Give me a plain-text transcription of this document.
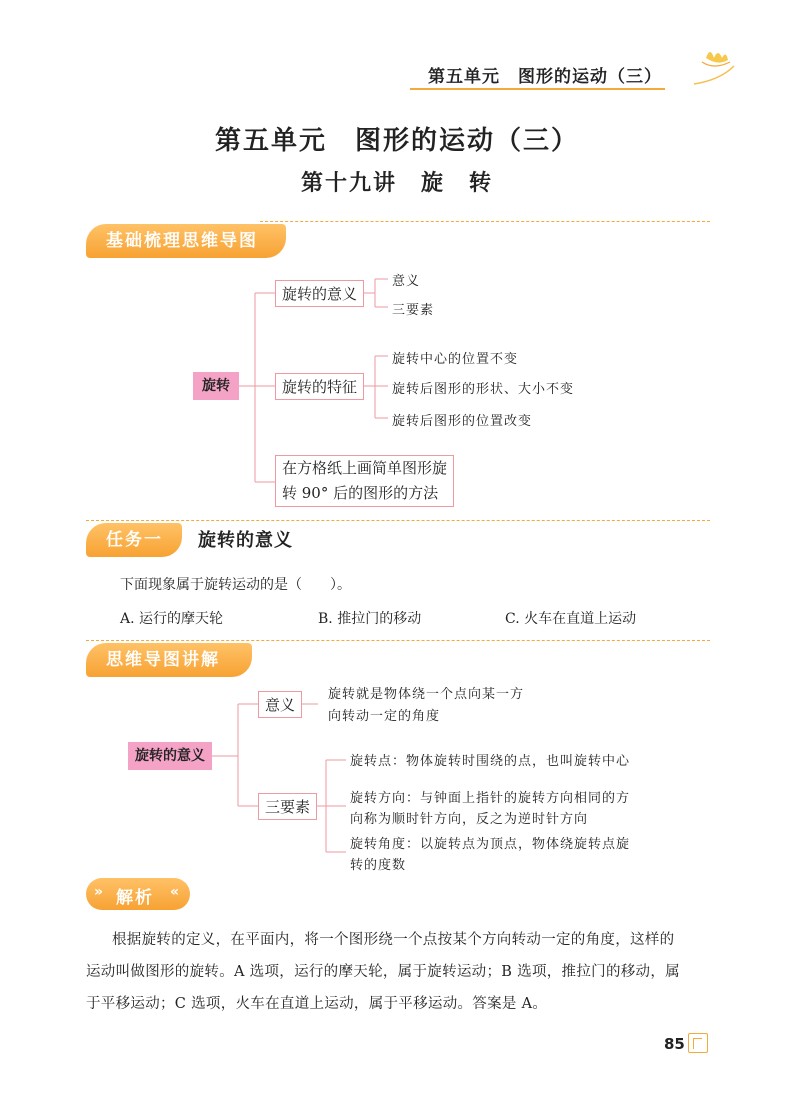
第五单元　图形的运动（三）
第五单元　图形的运动（三）
第十九讲　旋　转
基础梳理思维导图
旋转
旋转的意义
旋转的特征
在方格纸上画简单图形旋
转 90° 后的图形的方法
意义
三要素
旋转中心的位置不变
旋转后图形的形状、大小不变
旋转后图形的位置改变
任务一	旋转的意义
下面现象属于旋转运动的是（　　）。
A. 运行的摩天轮	B. 推拉门的移动	C. 火车在直道上运动
思维导图讲解
旋转的意义
意义
三要素
旋转就是物体绕一个点向某一方
向转动一定的角度
旋转点：物体旋转时围绕的点，也叫旋转中心
旋转方向：与钟面上指针的旋转方向相同的方
向称为顺时针方向，反之为逆时针方向
旋转角度：以旋转点为顶点，物体绕旋转点旋
转的度数
» 解析 «
根据旋转的定义，在平面内，将一个图形绕一个点按某个方向转动一定的角度，这样的
运动叫做图形的旋转。A 选项，运行的摩天轮，属于旋转运动；B 选项，推拉门的移动，属
于平移运动；C 选项，火车在直道上运动，属于平移运动。答案是 A。
85
